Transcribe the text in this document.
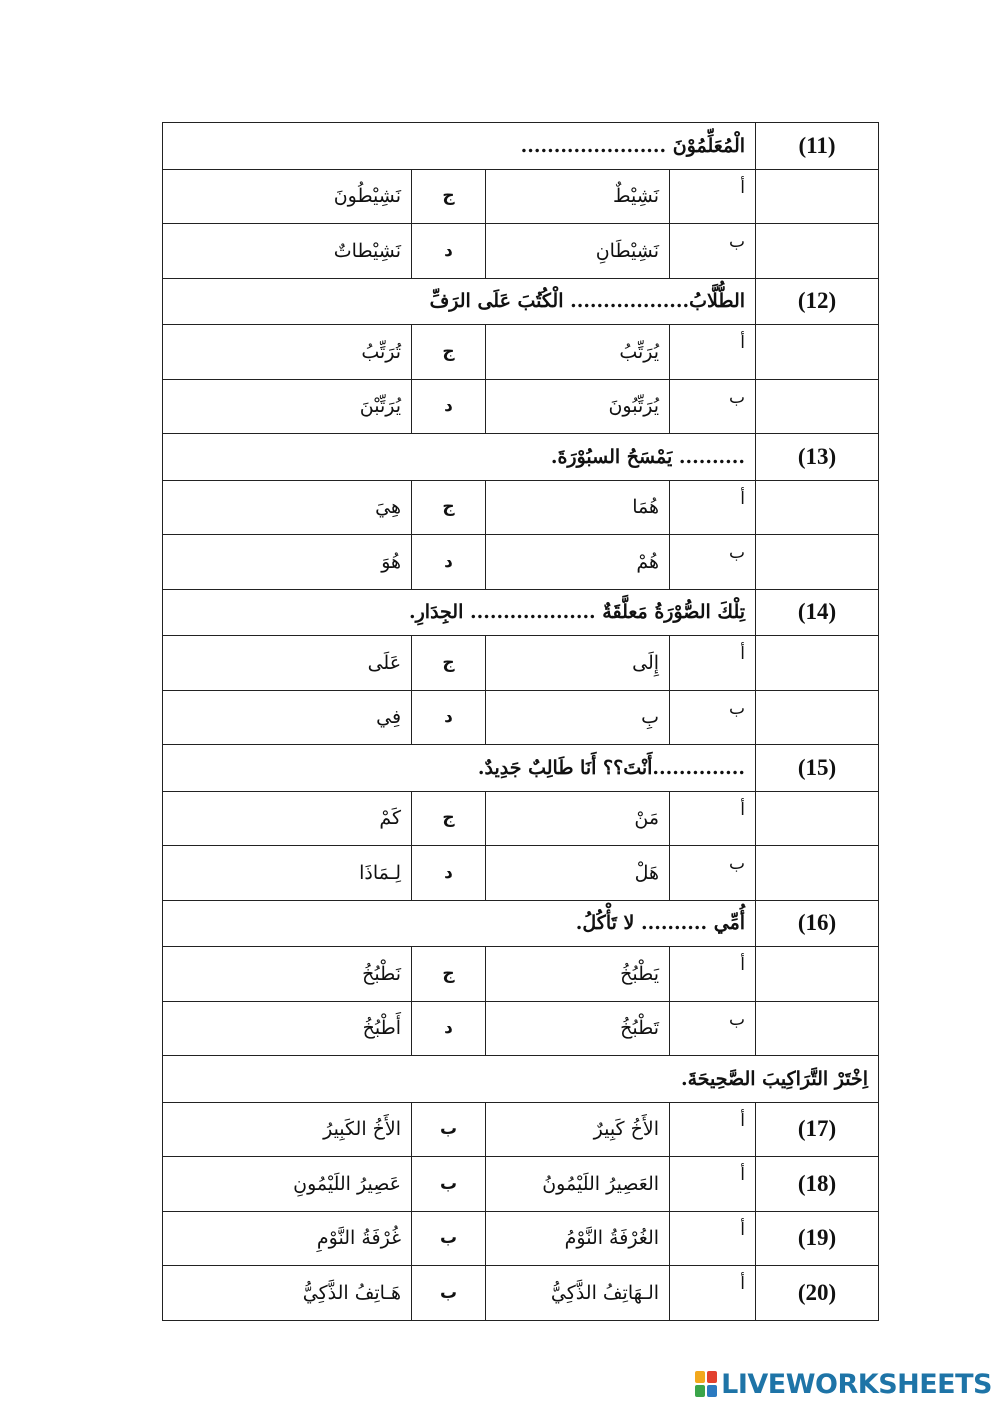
(11)	الْمُعَلِّمُوْنَ ......................			
	أ	نَشِيْطٌ	ج	نَشِيْطُونَ
	ب	نَشِيْطَانِ	د	نَشِيْطاتٌ
(12)	الطُّلَّابُ.................. الْكُتُبَ عَلَى الرَفِّ			
	أ	يُرَتِّبُ	ج	تُرَتِّبُ
	ب	يُرَتِّبُونَ	د	يُرَتِّبْنَ
(13)	.......... يَمْسَحُ السبُوْرَةَ.			
	أ	هُمَا	ج	هِيَ
	ب	هُمْ	د	هُوَ
(14)	تِلْكَ الصُّوْرَةُ مَعلَّقَةٌ ................... الجِدَارِ.			
	أ	إِلَى	ج	عَلَى
	ب	بِ	د	فِي
(15)	..............أَنْتَ؟؟ أَنَا طَالِبٌ جَدِيدٌ.			
	أ	مَنْ	ج	كَمْ
	ب	هَلْ	د	لِـمَاذَا
(16)	أُمِّي .......... لا تَأْكُلُ.			
	أ	يَطْبُخُ	ج	نَطْبُخُ
	ب	تَطْبُخُ	د	أَطْبُخُ
اِخْتَرْ التَّرَاكِيبَ الصَّحِيحَةَ.				
(17)	أ	الأَخُ كَبِيرٌ	ب	الأَخُ الكَبِيرُ
(18)	أ	العَصِيرُ اللَيْمُونُ	ب	عَصِيرُ اللَيْمُونِ
(19)	أ	الغُرْفَةُ النَّوْمُ	ب	غُرْفَةُ النَّوْمِ
(20)	أ	الـهَاتِفُ الذَّكِيُّ	ب	هَـاتِفُ الذَّكِيُّ
LIVEWORKSHEETS
